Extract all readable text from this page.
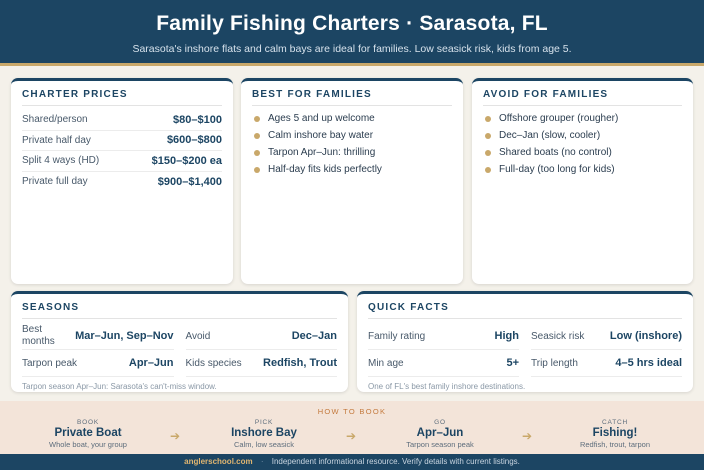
Family Fishing Charters · Sarasota, FL

Sarasota's inshore flats and calm bays are ideal for families. Low seasick risk, kids from age 5.

CHARTER PRICES
Shared/person	$80–$100
Private half day	$600–$800
Split 4 ways (HD)	$150–$200 ea
Private full day	$900–$1,400
BEST FOR FAMILIES
Ages 5 and up welcome
Calm inshore bay water
Tarpon Apr–Jun: thrilling
Half-day fits kids perfectly
AVOID FOR FAMILIES
Offshore grouper (rougher)
Dec–Jan (slow, cooler)
Shared boats (no control)
Full-day (too long for kids)
SEASONS
Best months	Mar–Jun, Sep–Nov Avoid	Dec–Jan
Tarpon peak	Apr–Jun Kids species Redfish, Trout
Tarpon season Apr–Jun: Sarasota's can't-miss window.
QUICK FACTS
Family rating	High Seasick risk Low (inshore)
Min age	5+ Trip length	4–5 hrs ideal
One of FL's best family inshore destinations.
HOW TO BOOK
BOOK
Private Boat
Whole boat, your group
➔
PICK
Inshore Bay
Calm, low seasick
➔
GO
Apr–Jun
Tarpon season peak
➔
CATCH
Fishing!
Redfish, trout, tarpon
anglerschool.com · Independent informational resource. Verify details with current listings.
